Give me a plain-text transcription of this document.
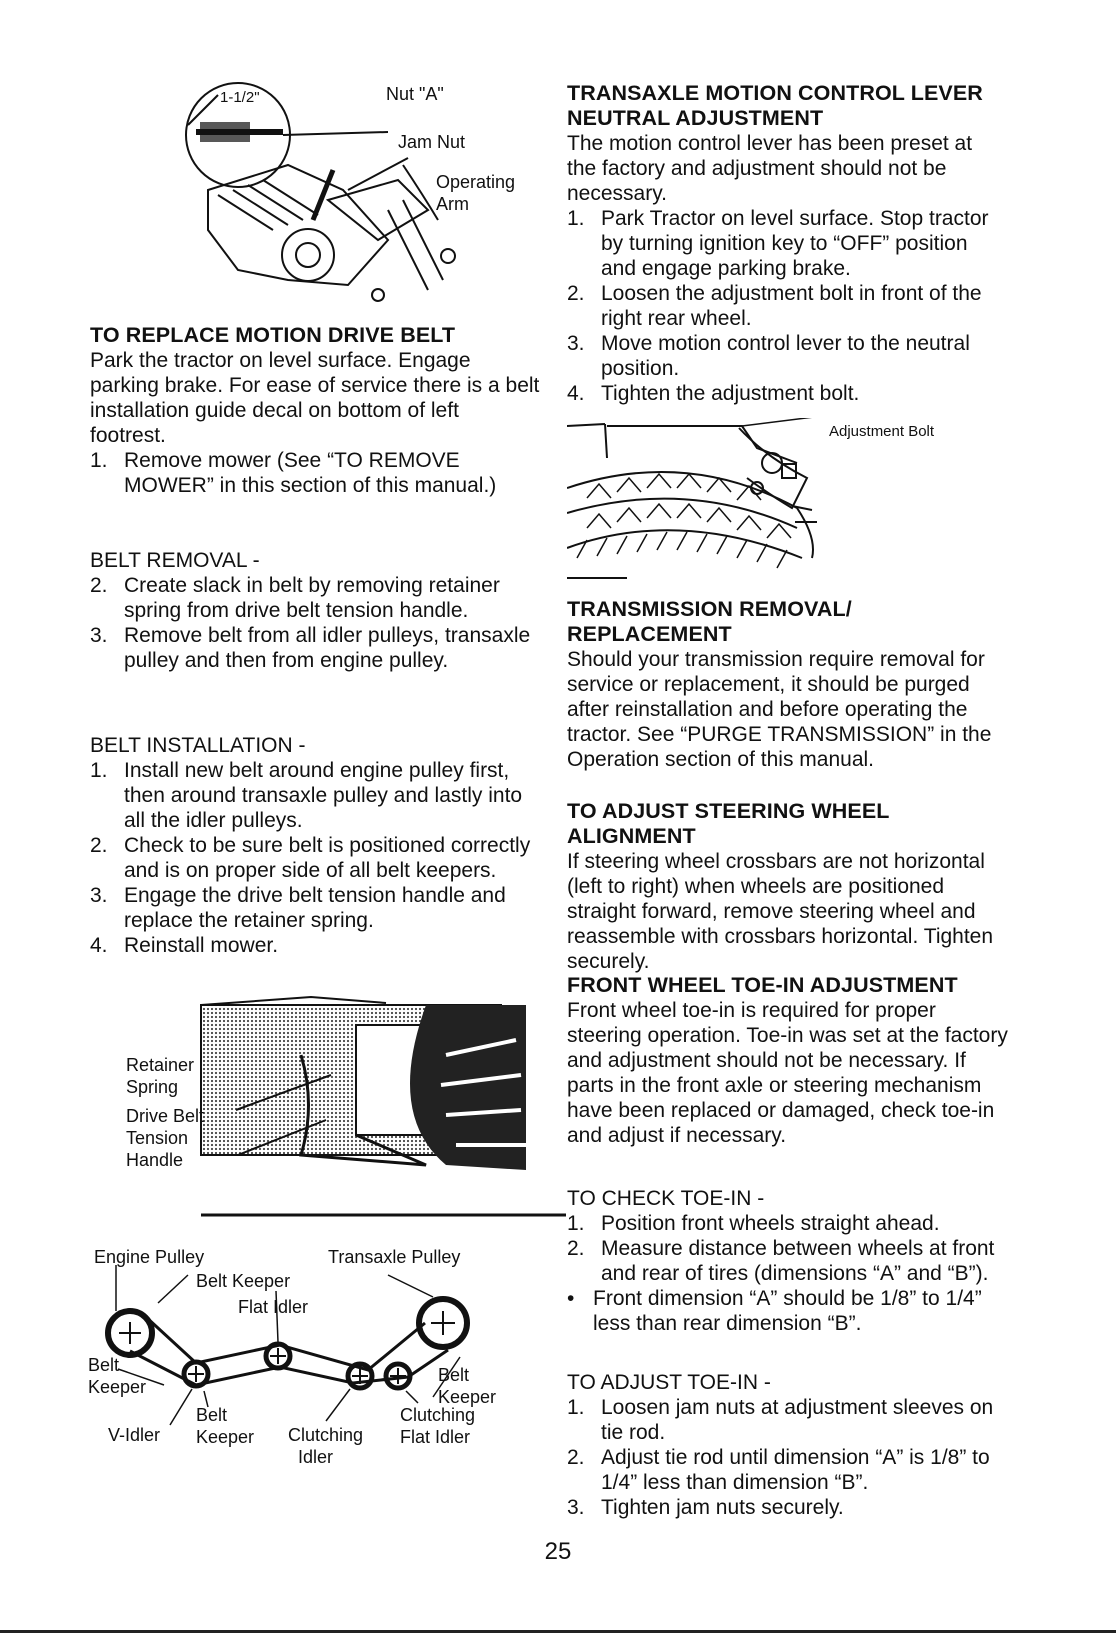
1-1/2"	Nut "A"
Jam Nut
Operating
Arm
TO REPLACE MOTION DRIVE BELT

Park the tractor on level surface. Engage parking brake. For ease of service there is a belt installation guide decal on bottom of left footrest.

1. Remove mower (See “TO REMOVE MOWER” in this section of this manual.)
BELT REMOVAL -
2. Create slack in belt by removing retainer spring from drive belt tension handle.
3. Remove belt from all idler pulleys, transaxle pulley and then from engine pulley.
BELT INSTALLATION -
1. Install new belt around engine pulley first, then around transaxle pulley and lastly into all the idler pulleys.
2. Check to be sure belt is positioned correctly and is on proper side of all belt keepers.
3. Engage the drive belt tension handle and replace the retainer spring.
4. Reinstall mower.
Retainer
Spring
Drive Belt
Tension
Handle
Engine Pulley	Transaxle Pulley
Belt Keeper
Flat Idler
Belt
Keeper
Belt
Keeper
V-Idler
Belt
Keeper Clutching
Idler
Clutching
Flat Idler
TRANSAXLE MOTION CONTROL LEVER NEUTRAL ADJUSTMENT

The motion control lever has been preset at the factory and adjustment should not be necessary.

1. Park Tractor on level surface. Stop tractor by turning ignition key to “OFF” position and engage parking brake.
2. Loosen the adjustment bolt in front of the right rear wheel.
3. Move motion control lever to the neutral position.
4. Tighten the adjustment bolt.
Adjustment Bolt
TRANSMISSION REMOVAL/ REPLACEMENT

Should your transmission require removal for service or replacement, it should be purged after reinstallation and before operating the tractor. See “PURGE TRANSMISSION” in the Operation section of this manual.

TO ADJUST STEERING WHEEL ALIGNMENT

If steering wheel crossbars are not horizontal (left to right) when wheels are positioned straight forward, remove steering wheel and reassemble with crossbars horizontal. Tighten securely.

FRONT WHEEL TOE-IN ADJUSTMENT

Front wheel toe-in is required for proper steering operation. Toe-in was set at the factory and adjustment should not be necessary. If parts in the front axle or steering mechanism have been replaced or damaged, check toe-in and adjust if necessary.

TO CHECK TOE-IN -
1. Position front wheels straight ahead.
2. Measure distance between wheels at front and rear of tires (dimensions “A” and “B”).
• Front dimension “A” should be 1/8” to 1/4” less than rear dimension “B”.
TO ADJUST TOE-IN -
1. Loosen jam nuts at adjustment sleeves on tie rod.
2. Adjust tie rod until dimension “A” is 1/8” to 1/4” less than dimension “B”.
3. Tighten jam nuts securely.
25
